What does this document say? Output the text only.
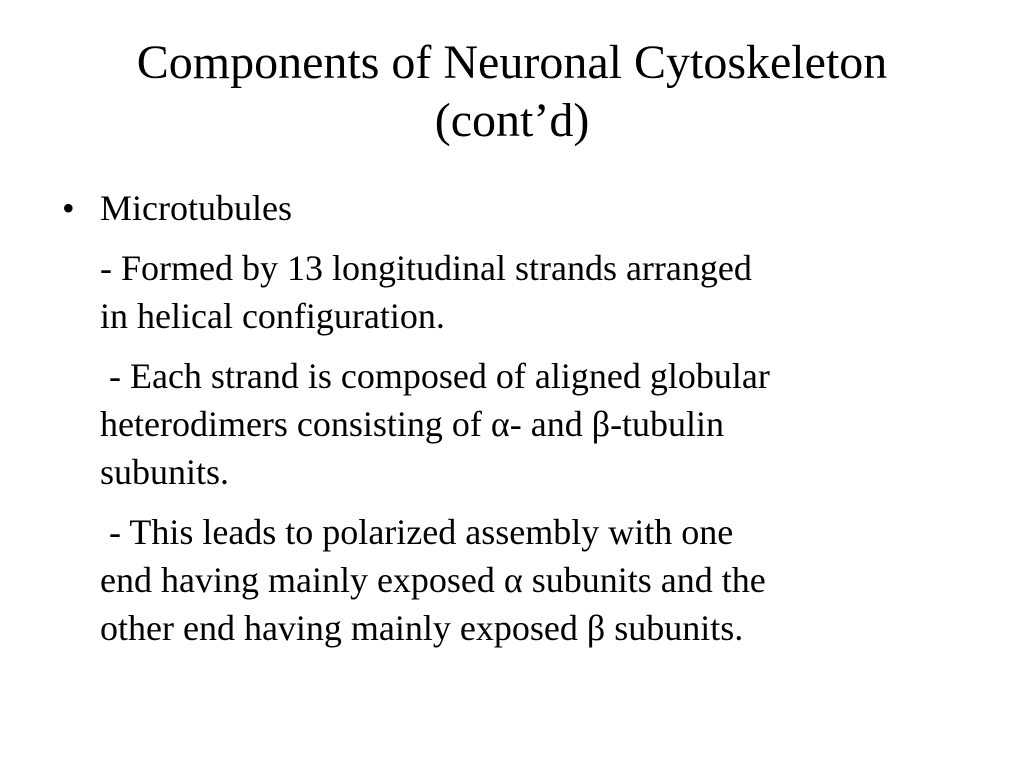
Components of Neuronal Cytoskeleton
(cont’d)

• Microtubules

- Formed by 13 longitudinal strands arranged
in helical configuration.

- Each strand is composed of aligned globular
heterodimers consisting of α- and β-tubulin
subunits.

- This leads to polarized assembly with one
end having mainly exposed α subunits and the
other end having mainly exposed β subunits.
